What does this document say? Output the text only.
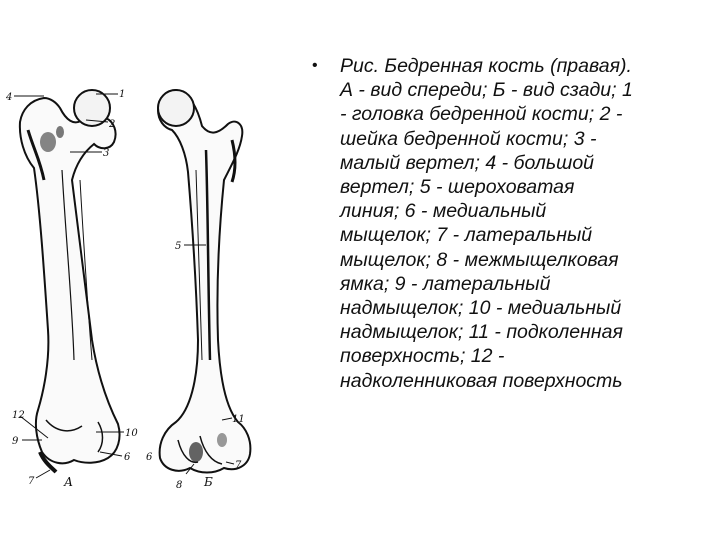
4	1
2
3
5
12
9
10
6
7 А
11
6
7
8 Б
•	Рис. Бедренная кость (правая).
А - вид спереди; Б - вид сзади; 1
- головка бедренной кости; 2 -
шейка бедренной кости; 3 -
малый вертел; 4 - большой
вертел; 5 - шероховатая
линия; 6 - медиальный
мыщелок; 7 - латеральный
мыщелок; 8 - межмыщелковая
ямка; 9 - латеральный
надмыщелок; 10 - медиальный
надмыщелок; 11 - подколенная
поверхность; 12 -
надколенниковая поверхность
